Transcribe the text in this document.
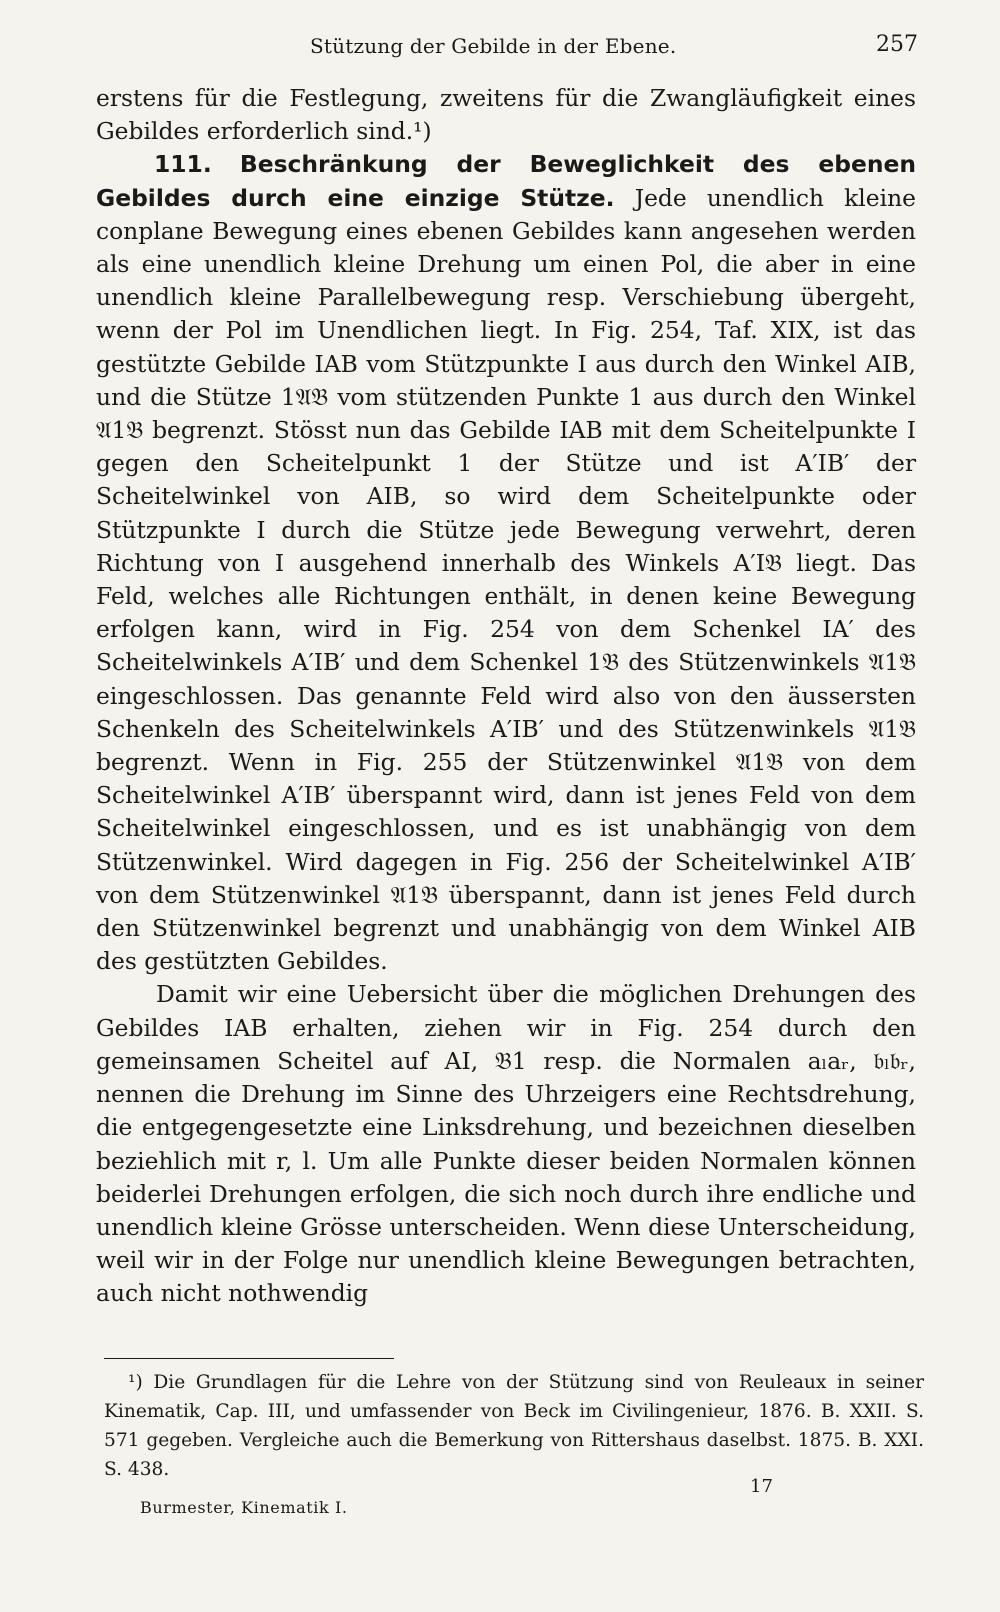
Stützung der Gebilde in der Ebene.	257

erstens für die Festlegung, zweitens für die Zwangläufigkeit eines Gebildes erforderlich sind.¹)

111. Beschränkung der Beweglichkeit des ebenen Gebildes durch eine einzige Stütze. Jede unendlich kleine conplane Bewegung eines ebenen Gebildes kann angesehen werden als eine unendlich kleine Drehung um einen Pol, die aber in eine unendlich kleine Parallelbewegung resp. Verschiebung übergeht, wenn der Pol im Unendlichen liegt. In Fig. 254, Taf. XIX, ist das gestützte Gebilde IAB vom Stützpunkte I aus durch den Winkel AIB, und die Stütze 1𝔄𝔅 vom stützenden Punkte 1 aus durch den Winkel 𝔄1𝔅 begrenzt. Stösst nun das Gebilde IAB mit dem Scheitelpunkte I gegen den Scheitelpunkt 1 der Stütze und ist A′IB′ der Scheitelwinkel von AIB, so wird dem Scheitelpunkte oder Stützpunkte I durch die Stütze jede Bewegung verwehrt, deren Richtung von I ausgehend innerhalb des Winkels A′I𝔅 liegt. Das Feld, welches alle Richtungen enthält, in denen keine Bewegung erfolgen kann, wird in Fig. 254 von dem Schenkel IA′ des Scheitelwinkels A′IB′ und dem Schenkel 1𝔅 des Stützenwinkels 𝔄1𝔅 eingeschlossen. Das genannte Feld wird also von den äussersten Schenkeln des Scheitelwinkels A′IB′ und des Stützenwinkels 𝔄1𝔅 begrenzt. Wenn in Fig. 255 der Stützenwinkel 𝔄1𝔅 von dem Scheitelwinkel A′IB′ überspannt wird, dann ist jenes Feld von dem Scheitelwinkel eingeschlossen, und es ist unabhängig von dem Stützenwinkel. Wird dagegen in Fig. 256 der Scheitelwinkel A′IB′ von dem Stützenwinkel 𝔄1𝔅 überspannt, dann ist jenes Feld durch den Stützenwinkel begrenzt und unabhängig von dem Winkel AIB des gestützten Gebildes.

Damit wir eine Uebersicht über die möglichen Drehungen des Gebildes IAB erhalten, ziehen wir in Fig. 254 durch den gemeinsamen Scheitel auf AI, 𝔅1 resp. die Normalen aₗaᵣ, 𝔟ₗ𝔟ᵣ, nennen die Drehung im Sinne des Uhrzeigers eine Rechtsdrehung, die entgegengesetzte eine Linksdrehung, und bezeichnen dieselben beziehlich mit r, l. Um alle Punkte dieser beiden Normalen können beiderlei Drehungen erfolgen, die sich noch durch ihre endliche und unendlich kleine Grösse unterscheiden. Wenn diese Unterscheidung, weil wir in der Folge nur unendlich kleine Bewegungen betrachten, auch nicht nothwendig

¹) Die Grundlagen für die Lehre von der Stützung sind von Reuleaux in seiner Kinematik, Cap. III, und umfassender von Beck im Civilingenieur, 1876. B. XXII. S. 571 gegeben. Vergleiche auch die Bemerkung von Rittershaus daselbst. 1875. B. XXI. S. 438.

17
Burmester, Kinematik I.
